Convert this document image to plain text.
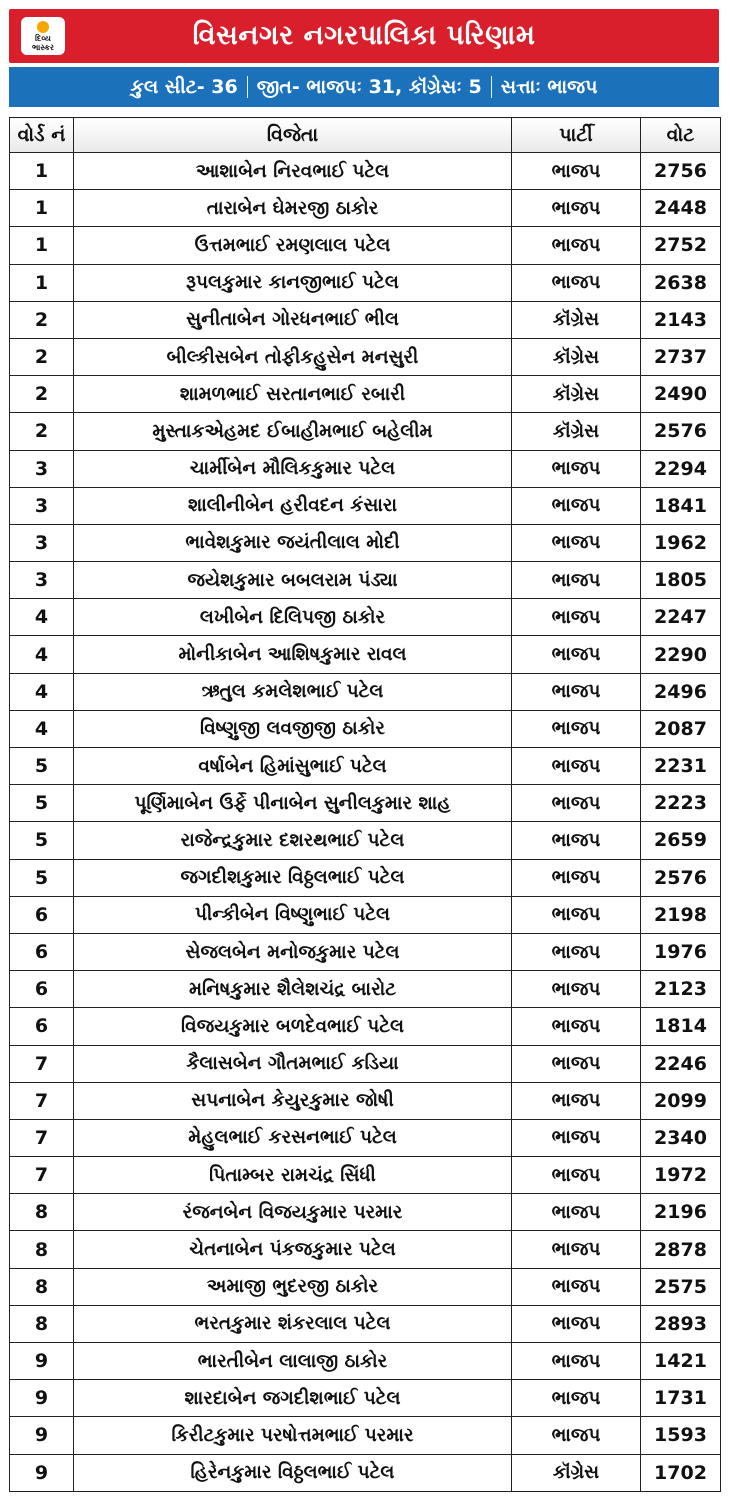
દિવ્ય
ભાસ્કર	વિસનગર નગરપાલિકા પરિણામ
કુલ સીટ- 36 જીત- ભાજપઃ 31, કૉંગ્રેસઃ 5 સત્તાઃ ભાજપ
વોર્ડ નં	વિજેતા	પાર્ટી	વોટ
1	આશાબેન નિરવભાઈ પટેલ	ભાજપ	2756
1	તારાબેન ઘેમરજી ઠાકોર	ભાજપ	2448
1	ઉત્તમભાઈ રમણલાલ પટેલ	ભાજપ	2752
1	રૂપલકુમાર કાનજીભાઈ પટેલ	ભાજપ	2638
2	સુનીતાબેન ગોરધનભાઈ ભીલ	કૉંગ્રેસ	2143
2	બીલ્કીસબેન તોફીકહુસેન મનસુરી	કૉંગ્રેસ	2737
2	શામળભાઈ સરતાનભાઈ રબારી	કૉંગ્રેસ	2490
2	મુસ્તાકએહમદ ઈબાહીમભાઈ બહેલીમ	કૉંગ્રેસ	2576
3	ચાર્મીબેન મૌલિકકુમાર પટેલ	ભાજપ	2294
3	શાલીનીબેન હરીવદન કંસારા	ભાજપ	1841
3	ભાવેશકુમાર જયંતીલાલ મોદી	ભાજપ	1962
3	જયેશકુમાર બબલરામ પંડ્યા	ભાજપ	1805
4	લખીબેન દિલિપજી ઠાકોર	ભાજપ	2247
4	મોનીકાબેન આશિષકુમાર રાવલ	ભાજપ	2290
4	ઋતુલ કમલેશભાઈ પટેલ	ભાજપ	2496
4	વિષ્ણુજી લવજીજી ઠાકોર	ભાજપ	2087
5	વર્ષાબેન હિમાંસુભાઈ પટેલ	ભાજપ	2231
5	પૂર્ણિમાબેન ઉર્ફે પીનાબેન સુનીલકુમાર શાહ	ભાજપ	2223
5	રાજેન્દ્રકુમાર દશરથભાઈ પટેલ	ભાજપ	2659
5	જગદીશકુમાર વિઠ્ઠલભાઈ પટેલ	ભાજપ	2576
6	પીન્કીબેન વિષ્ણુભાઈ પટેલ	ભાજપ	2198
6	સેજલબેન મનોજકુમાર પટેલ	ભાજપ	1976
6	મનિષકુમાર શૈલેશચંદ્ર બારોટ	ભાજપ	2123
6	વિજયકુમાર બળદેવભાઈ પટેલ	ભાજપ	1814
7	કૈલાસબેન ગૌતમભાઈ કડિયા	ભાજપ	2246
7	સપનાબેન કેયુરકુમાર જોષી	ભાજપ	2099
7	મેહુલભાઈ કરસનભાઈ પટેલ	ભાજપ	2340
7	પિતામ્બર રામચંદ્ર સિંધી	ભાજપ	1972
8	રંજનબેન વિજયકુમાર પરમાર	ભાજપ	2196
8	ચેતનાબેન પંકજકુમાર પટેલ	ભાજપ	2878
8	અમાજી ભુદરજી ઠાકોર	ભાજપ	2575
8	ભરતકુમાર શંકરલાલ પટેલ	ભાજપ	2893
9	ભારતીબેન લાલાજી ઠાકોર	ભાજપ	1421
9	શારદાબેન જગદીશભાઈ પટેલ	ભાજપ	1731
9	કિરીટકુમાર પરષોત્તમભાઈ પરમાર	ભાજપ	1593
9	હિરેનકુમાર વિઠ્ઠલભાઈ પટેલ	કૉંગ્રેસ	1702
